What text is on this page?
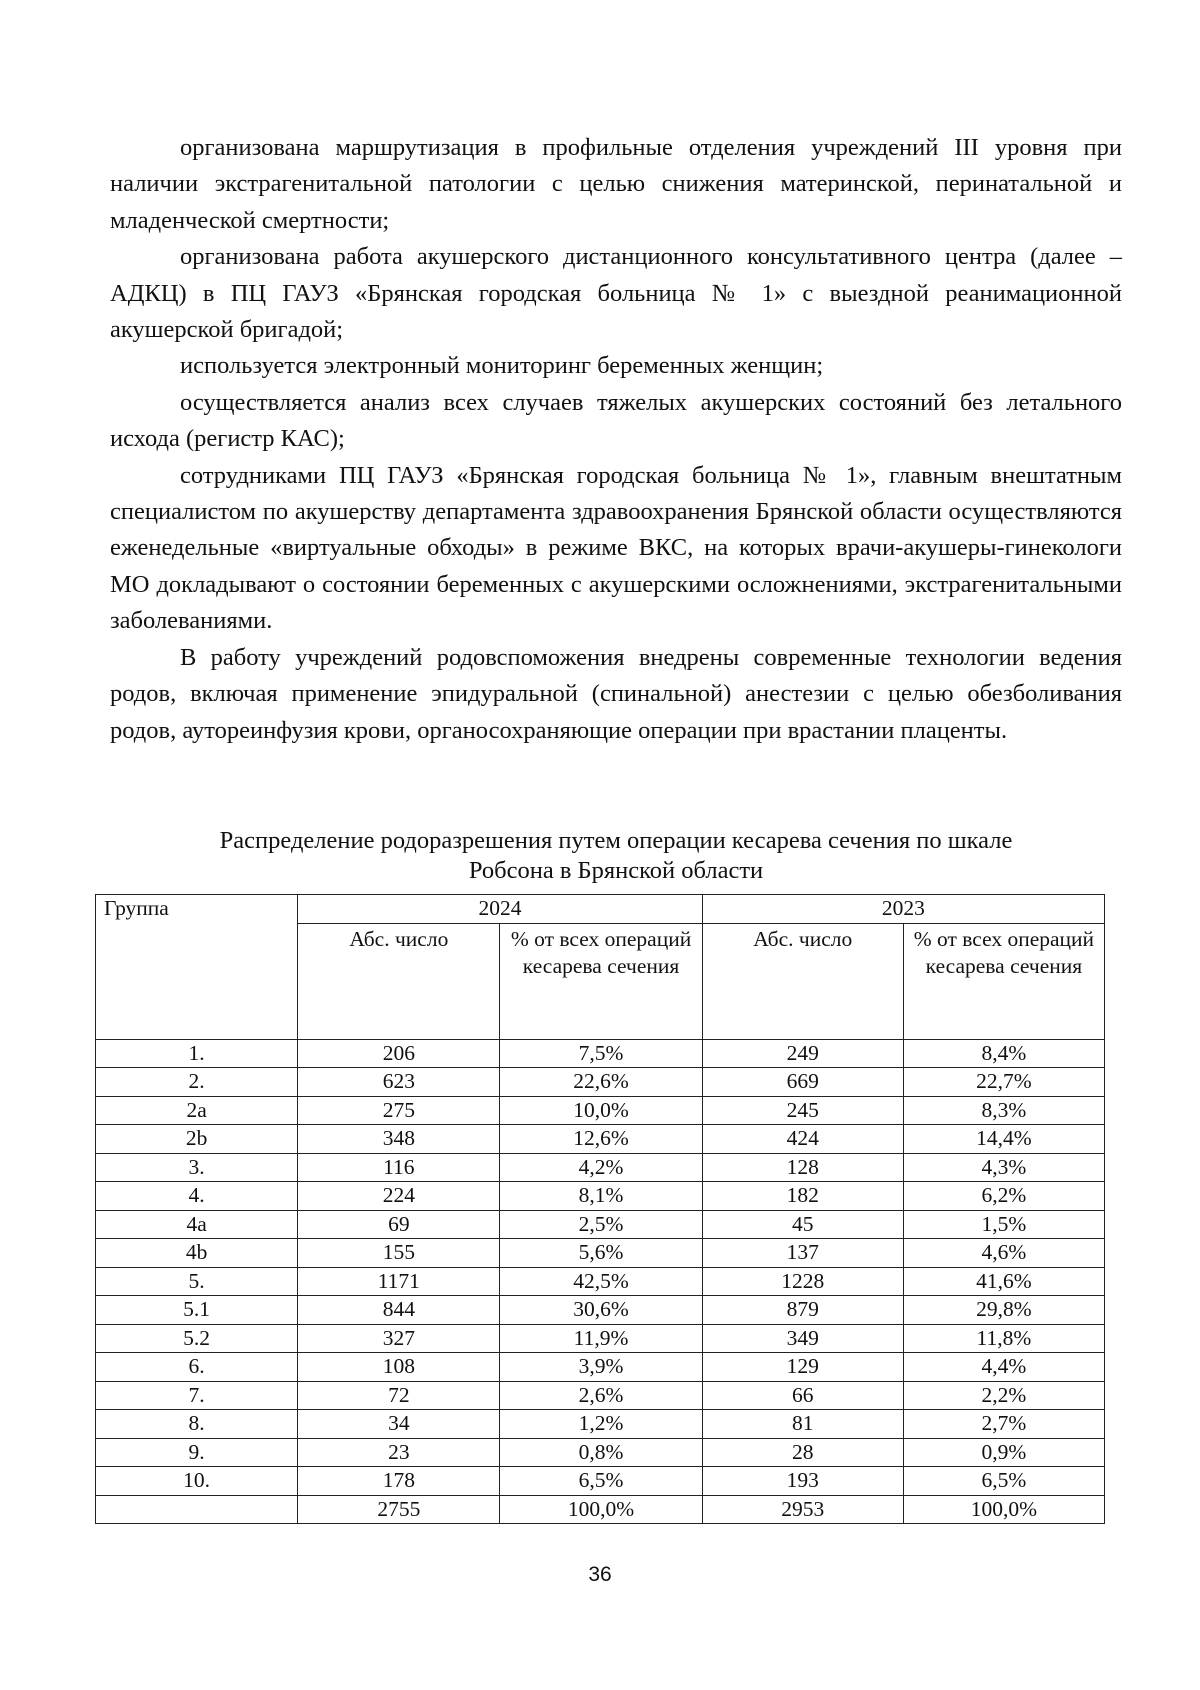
организована маршрутизация в профильные отделения учреждений III уровня при наличии экстрагенитальной патологии с целью снижения материнской, перинатальной и младенческой смертности;

организована работа акушерского дистанционного консультативного центра (далее – АДКЦ) в ПЦ ГАУЗ «Брянская городская больница № 1» с выездной реанимационной акушерской бригадой;

используется электронный мониторинг беременных женщин;

осуществляется анализ всех случаев тяжелых акушерских состояний без летального исхода (регистр КАС);

сотрудниками ПЦ ГАУЗ «Брянская городская больница № 1», главным внештатным специалистом по акушерству департамента здравоохранения Брянской области осуществляются еженедельные «виртуальные обходы» в режиме ВКС, на которых врачи-акушеры-гинекологи МО докладывают о состоянии беременных с акушерскими осложнениями, экстрагенитальными заболеваниями.

В работу учреждений родовспоможения внедрены современные технологии ведения родов, включая применение эпидуральной (спинальной) анестезии с целью обезболивания родов, аутореинфузия крови, органосохраняющие операции при врастании плаценты.

Распределение родоразрешения путем операции кесарева сечения по шкале
Робсона в Брянской области
Группа	2024		2023	
	Абс. число	% от всех операций кесарева сечения	Абс. число	% от всех операций кесарева сечения
1.	206	7,5%	249	8,4%
2.	623	22,6%	669	22,7%
2a	275	10,0%	245	8,3%
2b	348	12,6%	424	14,4%
3.	116	4,2%	128	4,3%
4.	224	8,1%	182	6,2%
4a	69	2,5%	45	1,5%
4b	155	5,6%	137	4,6%
5.	1171	42,5%	1228	41,6%
5.1	844	30,6%	879	29,8%
5.2	327	11,9%	349	11,8%
6.	108	3,9%	129	4,4%
7.	72	2,6%	66	2,2%
8.	34	1,2%	81	2,7%
9.	23	0,8%	28	0,9%
10.	178	6,5%	193	6,5%
	2755	100,0%	2953	100,0%
36
